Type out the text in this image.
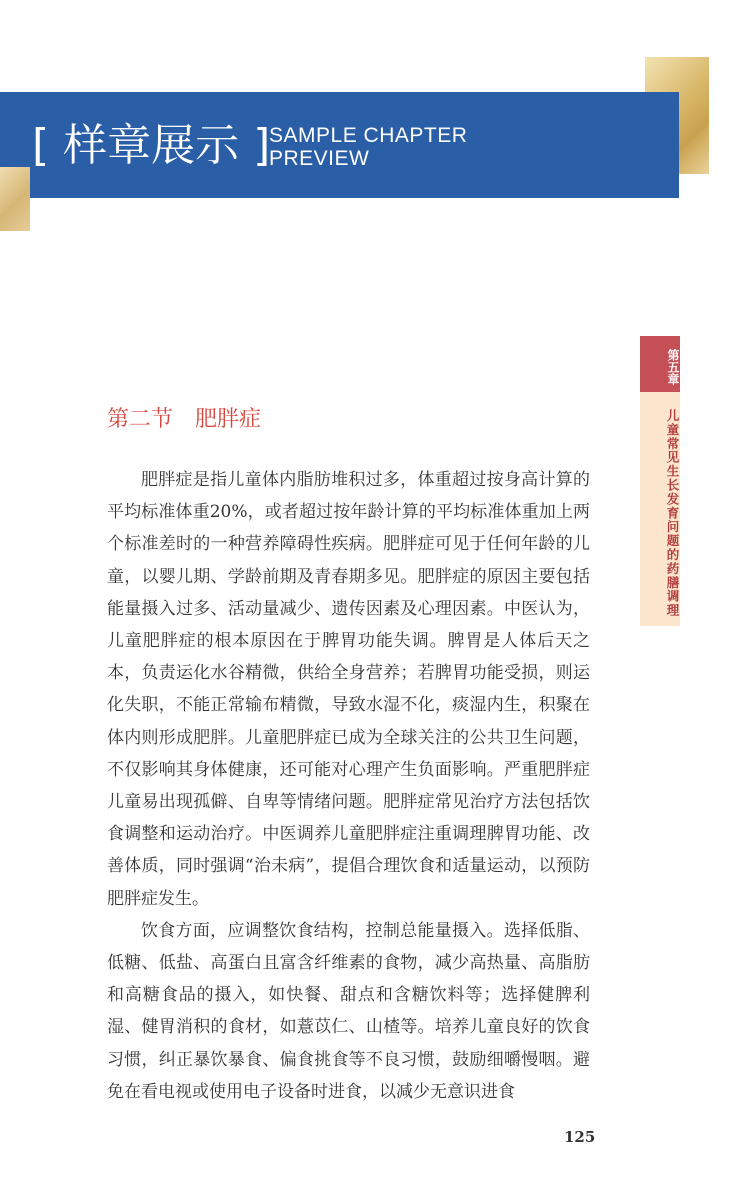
[ 样章展示 ]
SAMPLE CHAPTER
PREVIEW
第五章
儿童常见生长发育问题的药膳调理
第二节　肥胖症

肥胖症是指儿童体内脂肪堆积过多，体重超过按身高计算的平均标准体重20%，或者超过按年龄计算的平均标准体重加上两个标准差时的一种营养障碍性疾病。肥胖症可见于任何年龄的儿童，以婴儿期、学龄前期及青春期多见。肥胖症的原因主要包括能量摄入过多、活动量减少、遗传因素及心理因素。中医认为，儿童肥胖症的根本原因在于脾胃功能失调。脾胃是人体后天之本，负责运化水谷精微，供给全身营养；若脾胃功能受损，则运化失职，不能正常输布精微，导致水湿不化，痰湿内生，积聚在体内则形成肥胖。儿童肥胖症已成为全球关注的公共卫生问题，不仅影响其身体健康，还可能对心理产生负面影响。严重肥胖症儿童易出现孤僻、自卑等情绪问题。肥胖症常见治疗方法包括饮食调整和运动治疗。中医调养儿童肥胖症注重调理脾胃功能、改善体质，同时强调“治未病”，提倡合理饮食和适量运动，以预防肥胖症发生。

饮食方面，应调整饮食结构，控制总能量摄入。选择低脂、低糖、低盐、高蛋白且富含纤维素的食物，减少高热量、高脂肪和高糖食品的摄入，如快餐、甜点和含糖饮料等；选择健脾利湿、健胃消积的食材，如薏苡仁、山楂等。培养儿童良好的饮食习惯，纠正暴饮暴食、偏食挑食等不良习惯，鼓励细嚼慢咽。避免在看电视或使用电子设备时进食，以减少无意识进食

125
